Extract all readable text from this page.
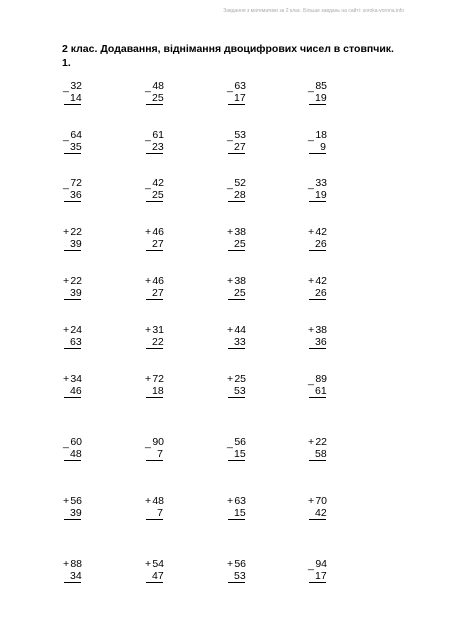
Завдання з математики за 2 клас. Більше завдань на сайті: soroka-vorona.info
2 клас. Додавання, віднімання двоцифрових чисел в стовпчик.
1.
_ 32
14
_ 48
25
_ 63
17
_ 85
19
_ 64
35
_ 61
23
_ 53
27
_ 18
9
_ 72
36
_ 42
25
_ 52
28
_ 33
19
+ 22
39
+ 46
27
+ 38
25
+ 42
26
+ 22
39
+ 46
27
+ 38
25
+ 42
26
+ 24
63
+ 31
22
+ 44
33
+ 38
36
+ 34
46
+ 72
18
+ 25
53
_ 89
61
_ 60
48
_ 90
7
_ 56
15
+ 22
58
+ 56
39
+ 48
7
+ 63
15
+ 70
42
+ 88
34
+ 54
47
+ 56
53
_ 94
17
